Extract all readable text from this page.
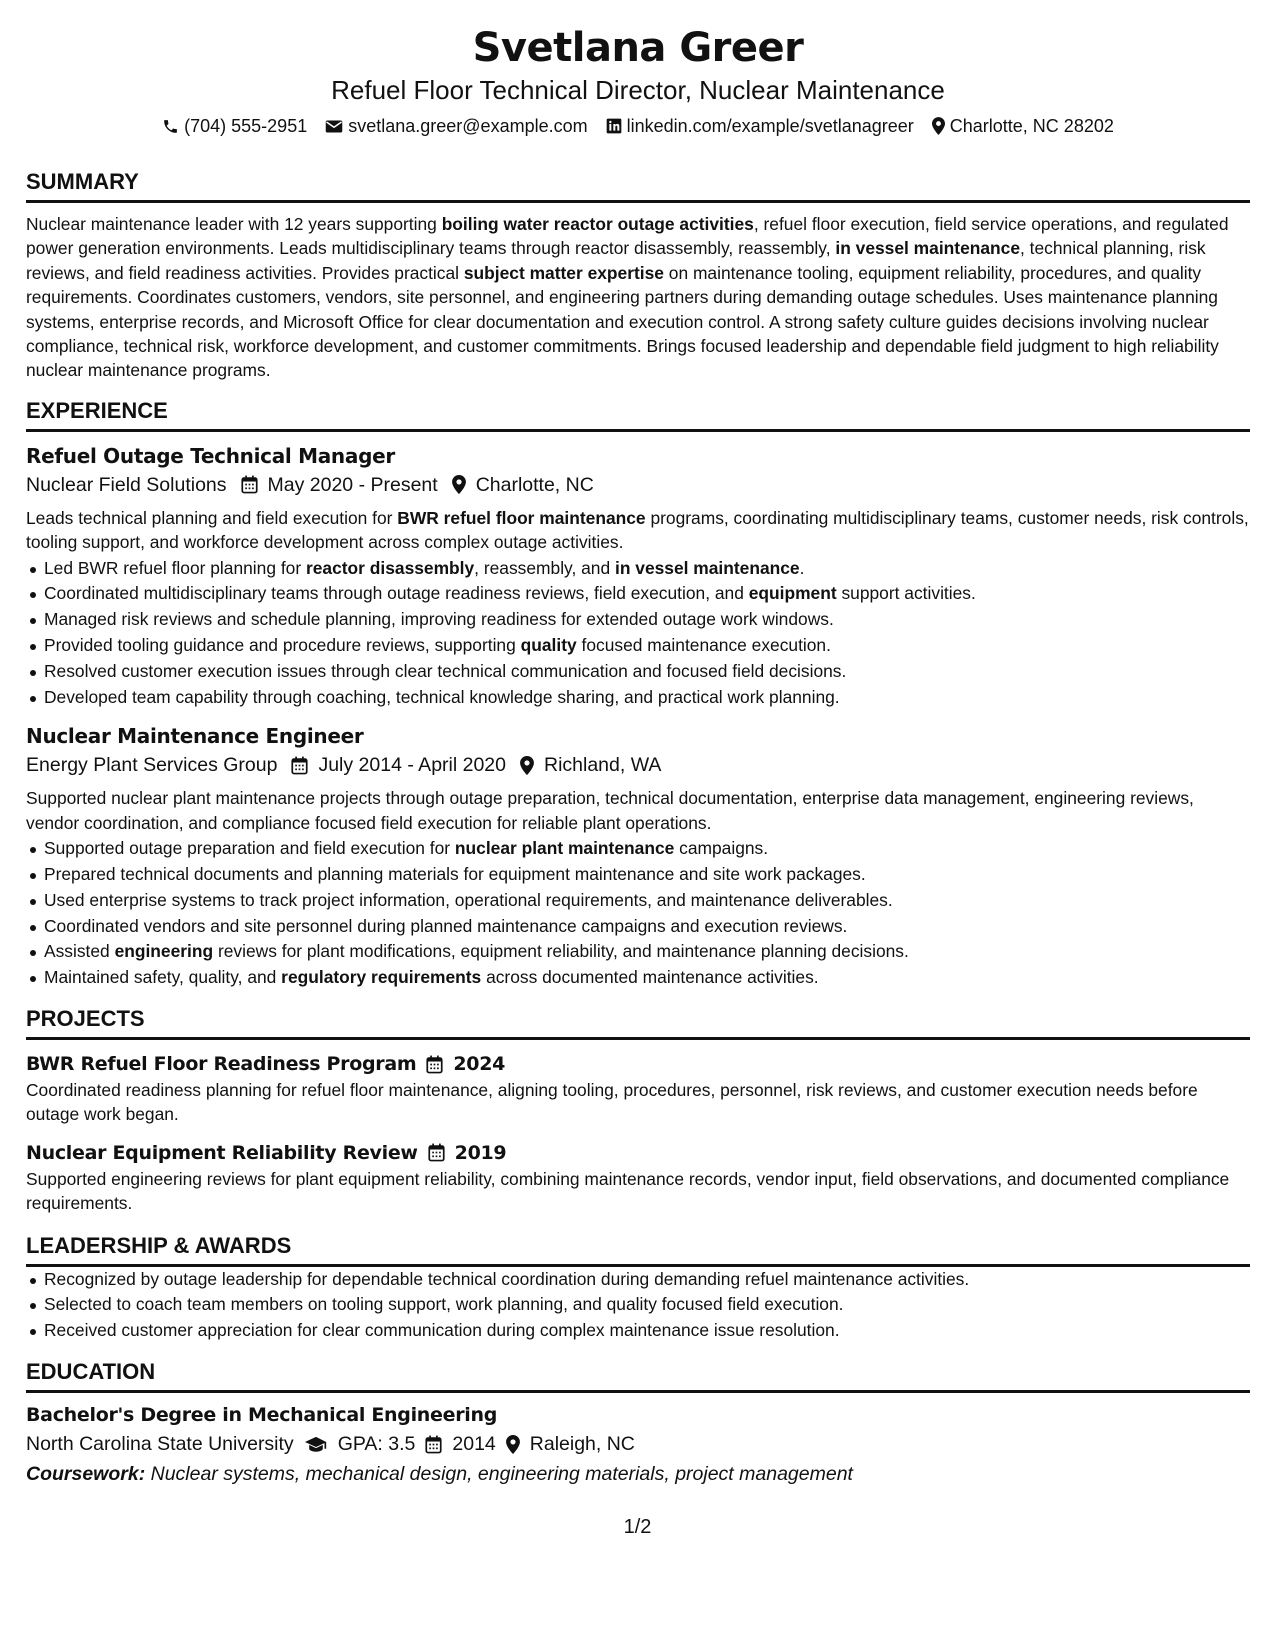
Svetlana Greer
Refuel Floor Technical Director, Nuclear Maintenance
(704) 555-2951 svetlana.greer@example.com linkedin.com/example/svetlanagreer Charlotte, NC 28202
SUMMARY
Nuclear maintenance leader with 12 years supporting boiling water reactor outage activities, refuel floor execution, field service operations, and regulated power generation environments. Leads multidisciplinary teams through reactor disassembly, reassembly, in vessel maintenance, technical planning, risk reviews, and field readiness activities. Provides practical subject matter expertise on maintenance tooling, equipment reliability, procedures, and quality requirements. Coordinates customers, vendors, site personnel, and engineering partners during demanding outage schedules. Uses maintenance planning systems, enterprise records, and Microsoft Office for clear documentation and execution control. A strong safety culture guides decisions involving nuclear compliance, technical risk, workforce development, and customer commitments. Brings focused leadership and dependable field judgment to high reliability nuclear maintenance programs.
EXPERIENCE
Refuel Outage Technical Manager
Nuclear Field Solutions May 2020 - Present Charlotte, NC
Leads technical planning and field execution for BWR refuel floor maintenance programs, coordinating multidisciplinary teams, customer needs, risk controls, tooling support, and workforce development across complex outage activities.
Led BWR refuel floor planning for reactor disassembly, reassembly, and in vessel maintenance.
Coordinated multidisciplinary teams through outage readiness reviews, field execution, and equipment support activities.
Managed risk reviews and schedule planning, improving readiness for extended outage work windows.
Provided tooling guidance and procedure reviews, supporting quality focused maintenance execution.
Resolved customer execution issues through clear technical communication and focused field decisions.
Developed team capability through coaching, technical knowledge sharing, and practical work planning.
Nuclear Maintenance Engineer
Energy Plant Services Group July 2014 - April 2020 Richland, WA
Supported nuclear plant maintenance projects through outage preparation, technical documentation, enterprise data management, engineering reviews, vendor coordination, and compliance focused field execution for reliable plant operations.
Supported outage preparation and field execution for nuclear plant maintenance campaigns.
Prepared technical documents and planning materials for equipment maintenance and site work packages.
Used enterprise systems to track project information, operational requirements, and maintenance deliverables.
Coordinated vendors and site personnel during planned maintenance campaigns and execution reviews.
Assisted engineering reviews for plant modifications, equipment reliability, and maintenance planning decisions.
Maintained safety, quality, and regulatory requirements across documented maintenance activities.
PROJECTS
BWR Refuel Floor Readiness Program 2024
Coordinated readiness planning for refuel floor maintenance, aligning tooling, procedures, personnel, risk reviews, and customer execution needs before outage work began.
Nuclear Equipment Reliability Review 2019
Supported engineering reviews for plant equipment reliability, combining maintenance records, vendor input, field observations, and documented compliance requirements.
LEADERSHIP & AWARDS
Recognized by outage leadership for dependable technical coordination during demanding refuel maintenance activities.
Selected to coach team members on tooling support, work planning, and quality focused field execution.
Received customer appreciation for clear communication during complex maintenance issue resolution.
EDUCATION
Bachelor's Degree in Mechanical Engineering
North Carolina State University GPA: 3.5 2014 Raleigh, NC
Coursework: Nuclear systems, mechanical design, engineering materials, project management
1/2
